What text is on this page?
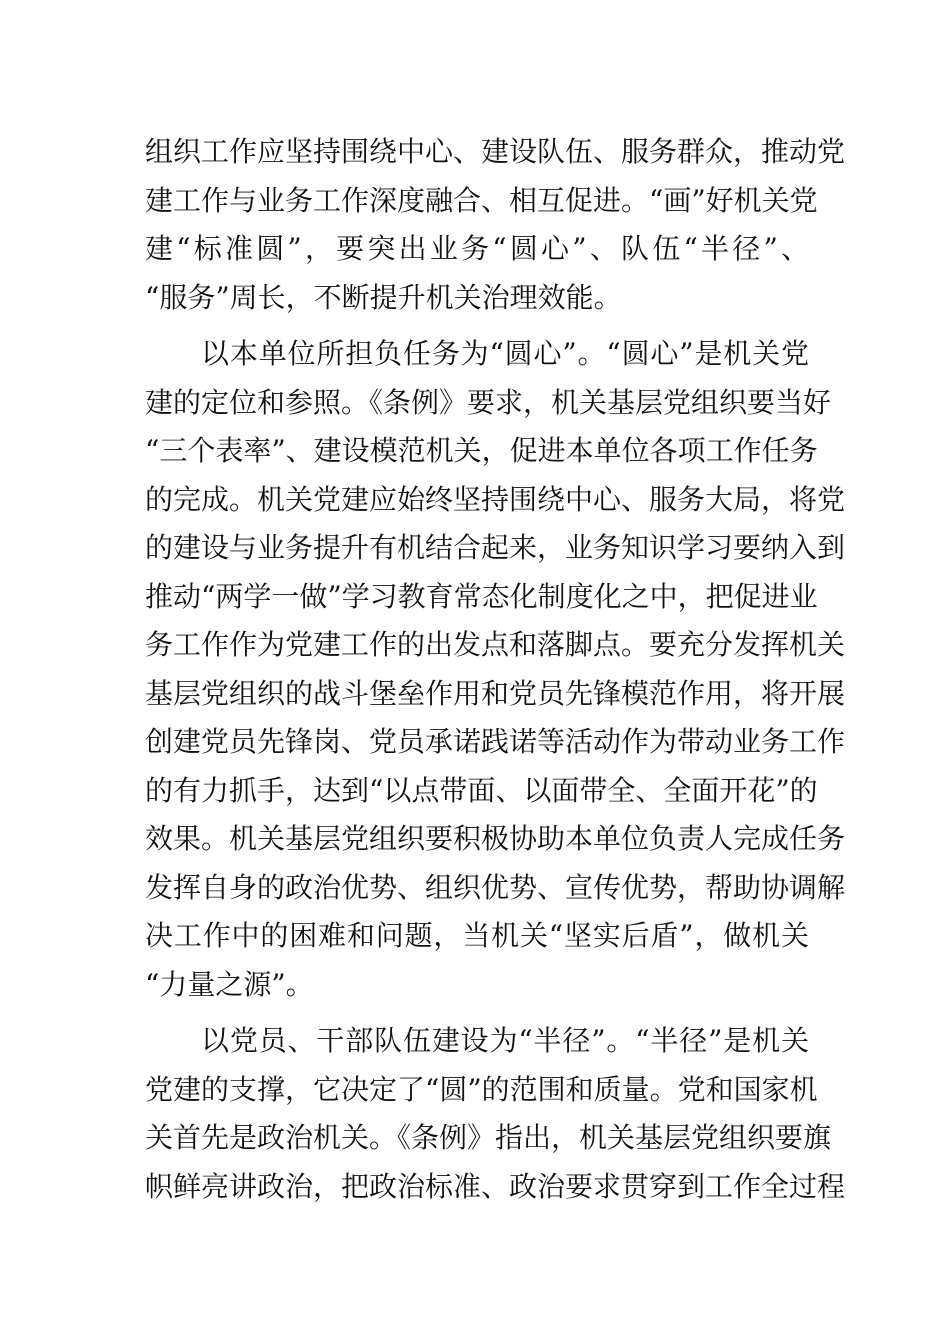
组织工作应坚持围绕中心、建设队伍、服务群众，推动党
建工作与业务工作深度融合、相互促进。“画”好机关党
建“标准圆”，要突出业务“圆心”、队伍“半径”、
“服务”周长，不断提升机关治理效能。
以本单位所担负任务为“圆心”。“圆心”是机关党
建的定位和参照。《条例》要求，机关基层党组织要当好
“三个表率”、建设模范机关，促进本单位各项工作任务
的完成。机关党建应始终坚持围绕中心、服务大局，将党
的建设与业务提升有机结合起来，业务知识学习要纳入到
推动“两学一做”学习教育常态化制度化之中，把促进业
务工作作为党建工作的出发点和落脚点。要充分发挥机关
基层党组织的战斗堡垒作用和党员先锋模范作用，将开展
创建党员先锋岗、党员承诺践诺等活动作为带动业务工作
的有力抓手，达到“以点带面、以面带全、全面开花”的
效果。机关基层党组织要积极协助本单位负责人完成任务
发挥自身的政治优势、组织优势、宣传优势，帮助协调解
决工作中的困难和问题，当机关“坚实后盾”，做机关
“力量之源”。
以党员、干部队伍建设为“半径”。“半径”是机关
党建的支撑，它决定了“圆”的范围和质量。党和国家机
关首先是政治机关。《条例》指出，机关基层党组织要旗
帜鲜亮讲政治，把政治标准、政治要求贯穿到工作全过程
